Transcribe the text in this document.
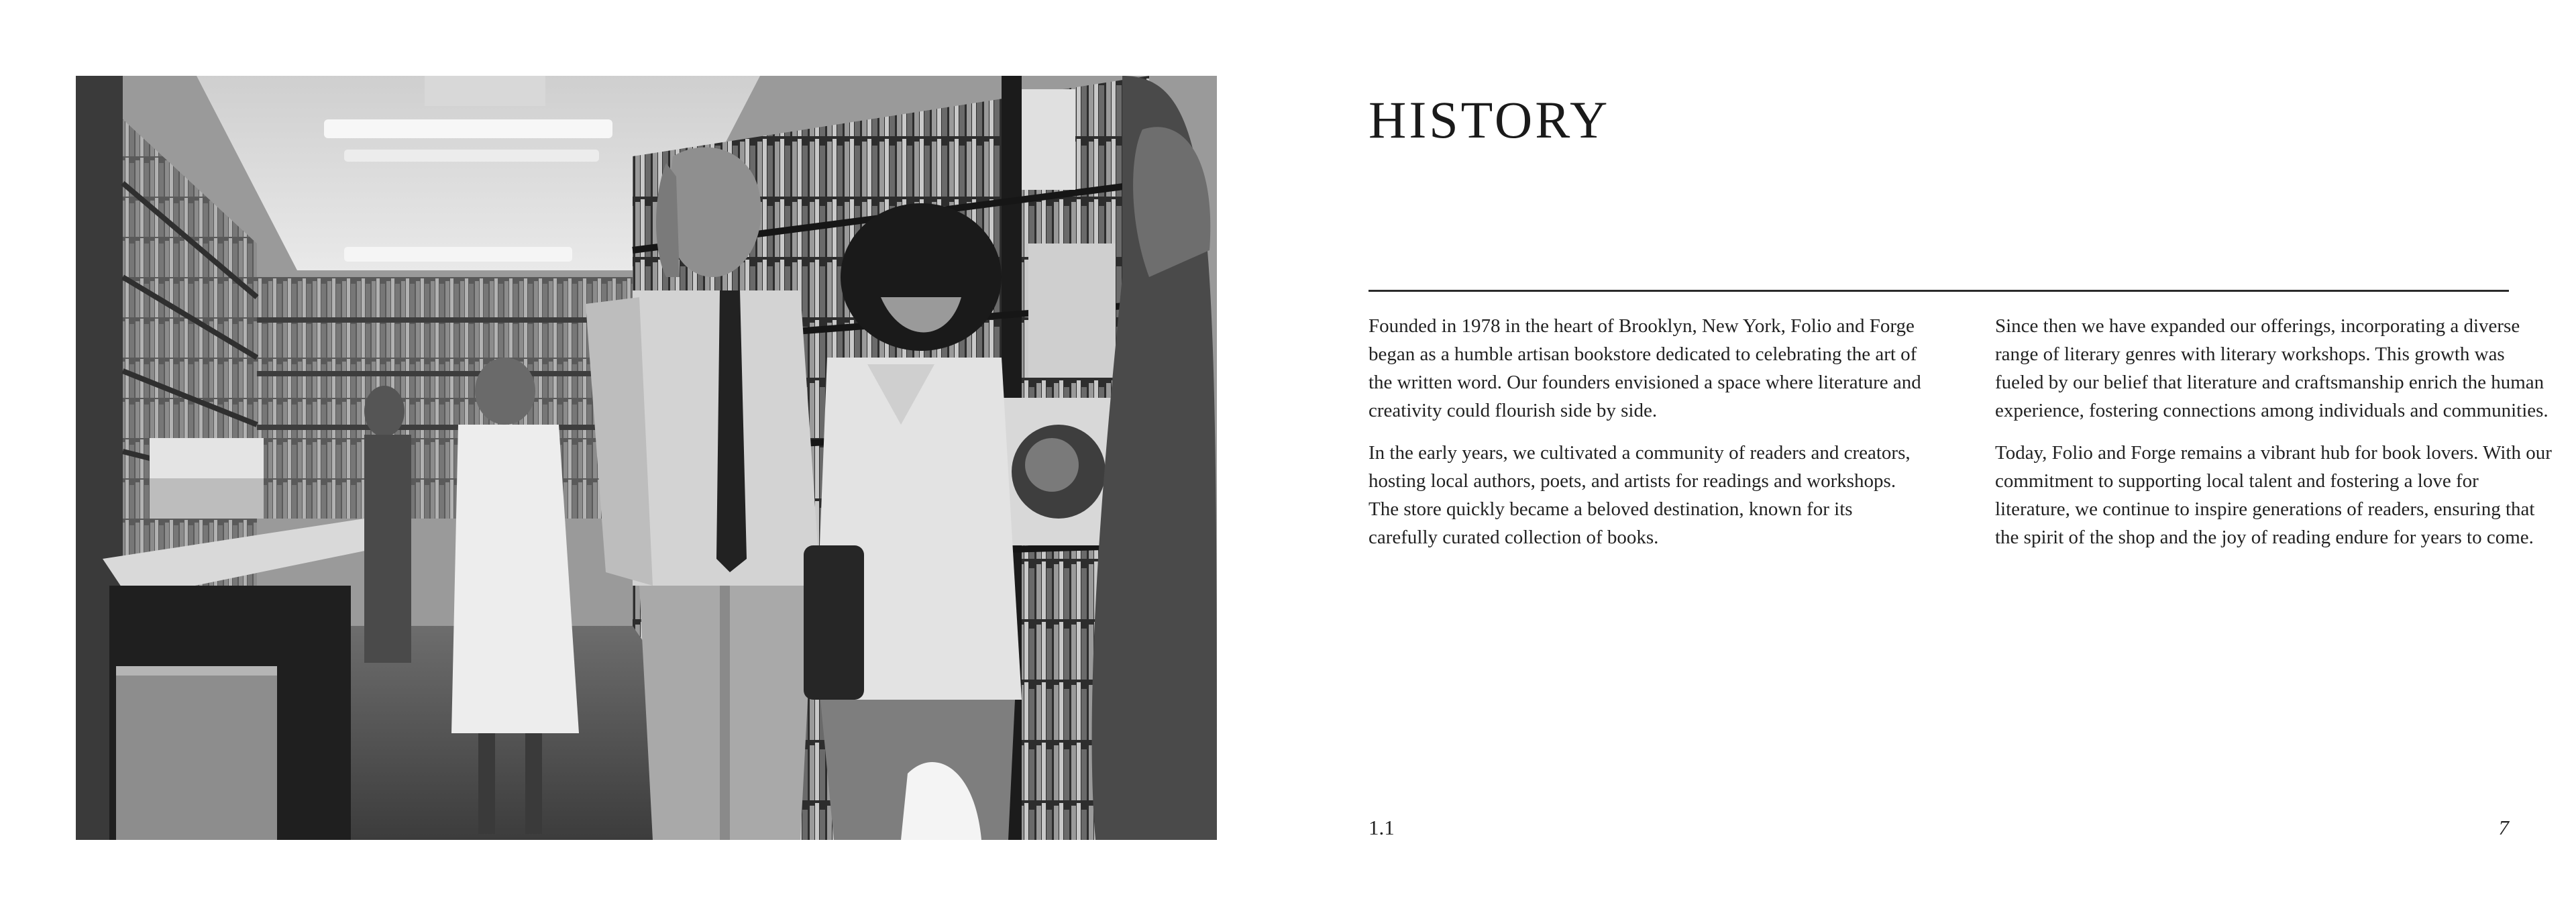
HISTORY

Founded in 1978 in the heart of Brooklyn, New York, Folio and Forge began as a humble artisan bookstore dedicated to celebrating the art of the written word. Our founders envisioned a space where literature and creativity could flourish side by side.

In the early years, we cultivated a community of readers and creators, hosting local authors, poets, and artists for readings and workshops. The store quickly became a beloved destination, known for its carefully curated collection of books.

Since then we have expanded our offerings, incorporating a diverse range of literary genres with literary workshops. This growth was fueled by our belief that literature and craftsmanship enrich the human experience, fostering connections among individuals and communities.

Today, Folio and Forge remains a vibrant hub for book lovers. With our commitment to supporting local talent and fostering a love for literature, we continue to inspire generations of readers, ensuring that the spirit of the shop and the joy of reading endure for years to come.

1.1	7
